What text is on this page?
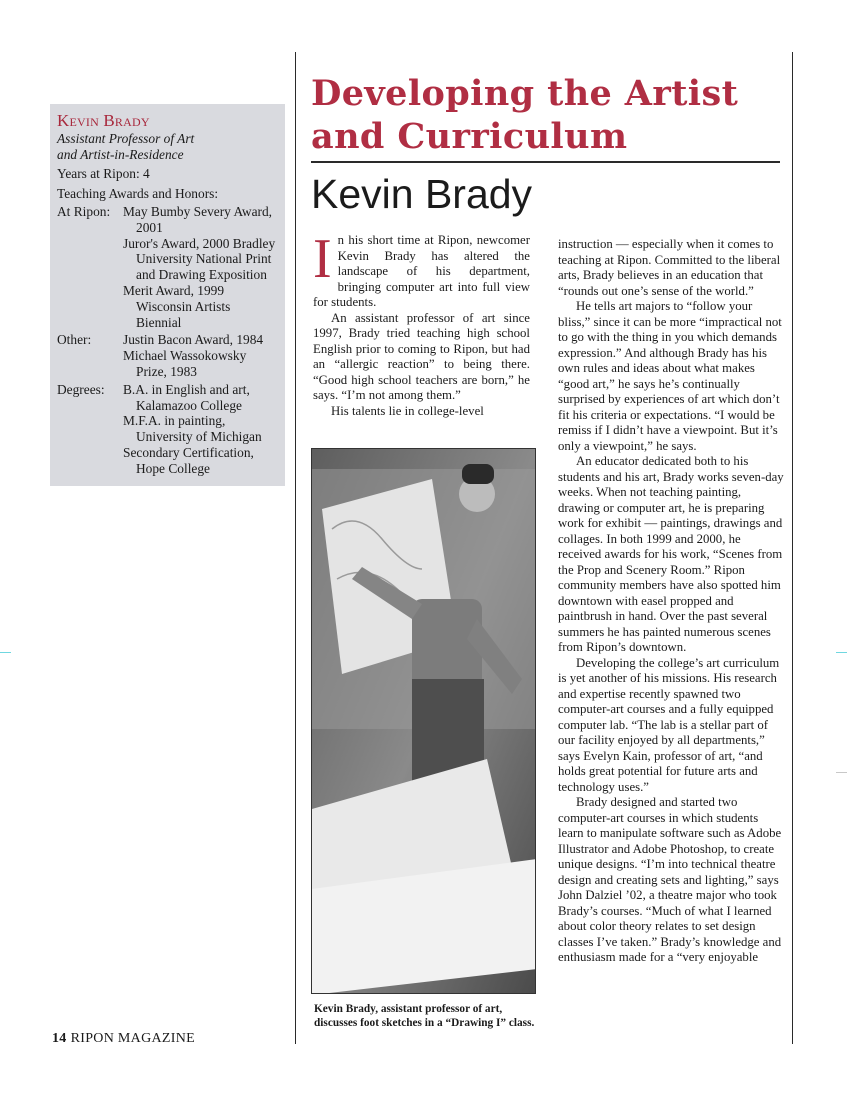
Kevin Brady
Assistant Professor of Art
and Artist-in-Residence
Years at Ripon: 4
Teaching Awards and Honors:
At Ripon: May Bumby Severy Award, 2001
Juror's Award, 2000 Bradley University National Print and Drawing Exposition
Merit Award, 1999 Wisconsin Artists Biennial
Other:	Justin Bacon Award, 1984
Michael Wassokowsky Prize, 1983
Degrees:	B.A. in English and art, Kalamazoo College
M.F.A. in painting, University of Michigan
Secondary Certification, Hope College
Developing the Artist
and Curriculum
Kevin Brady

In his short time at Ripon, newcomer Kevin Brady has altered the landscape of his department, bringing computer art into full view for students.

An assistant professor of art since 1997, Brady tried teaching high school English prior to coming to Ripon, but had an “allergic reaction” to being there. “Good high school teachers are born,” he says. “I’m not among them.”

His talents lie in college-level

Kevin Brady, assistant professor of art, discusses foot sketches in a “Drawing I” class.

instruction — especially when it comes to teaching at Ripon. Committed to the liberal arts, Brady believes in an education that “rounds out one’s sense of the world.”

He tells art majors to “follow your bliss,” since it can be more “impractical not to go with the thing in you which demands expression.” And although Brady has his own rules and ideas about what makes “good art,” he says he’s continually surprised by experiences of art which don’t fit his criteria or expectations. “I would be remiss if I didn’t have a viewpoint. But it’s only a viewpoint,” he says.

An educator dedicated both to his students and his art, Brady works seven-day weeks. When not teaching painting, drawing or computer art, he is preparing work for exhibit — paintings, drawings and collages. In both 1999 and 2000, he received awards for his work, “Scenes from the Prop and Scenery Room.” Ripon community members have also spotted him downtown with easel propped and paintbrush in hand. Over the past several summers he has painted numerous scenes from Ripon’s downtown.

Developing the college’s art curriculum is yet another of his missions. His research and expertise recently spawned two computer-art courses and a fully equipped computer lab. “The lab is a stellar part of our facility enjoyed by all departments,” says Evelyn Kain, professor of art, “and holds great potential for future arts and technology uses.”

Brady designed and started two computer-art courses in which students learn to manipulate software such as Adobe Illustrator and Adobe Photoshop, to create unique designs. “I’m into technical theatre design and creating sets and lighting,” says John Dalziel ’02, a theatre major who took Brady’s courses. “Much of what I learned about color theory relates to set design classes I’ve taken.” Brady’s knowledge and enthusiasm made for a “very enjoyable

14 RIPON MAGAZINE
